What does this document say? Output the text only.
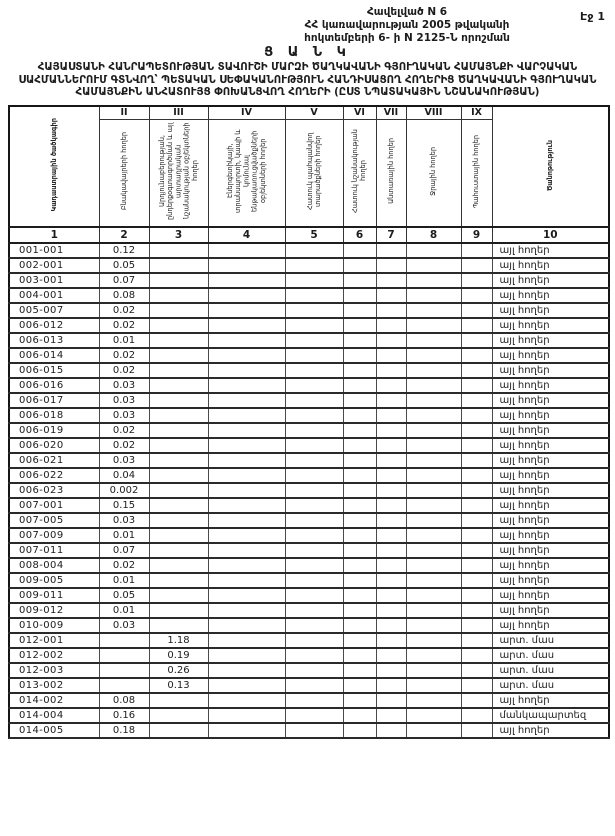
Էջ 1
Հավելված N 6
ՀՀ կառավարության 2005 թվականի
հոկտեմբերի 6- ի N 2125-Ն որոշման
Ց Ա Ն Կ
ՀԱՅԱՍՏԱՆԻ ՀԱՆՐԱՊԵՏՈՒԹՅԱՆ ՏԱՎՈՒՇԻ ՄԱՐԶԻ ԾԱՂԿԱՎԱՆԻ ԳՅՈՒՂԱԿԱՆ ՀԱՄԱՅՆՔԻ ՎԱՐՉԱԿԱՆ ՍԱՀՄԱՆՆԵՐՈՒՄ ԳՏՆՎՈՂ՝ ՊԵՏԱԿԱՆ ՍԵՓԱԿԱՆՈՒԹՅՈՒՆ ՀԱՆԴԻՍԱՑՈՂ ՀՈՂԵՐԻՑ ԾԱՂԿԱՎԱՆԻ ԳՅՈՒՂԱԿԱՆ ՀԱՄԱՅՆՔԻՆ ԱՆՀԱՏՈՒՅՑ ՓՈԽԱՆՑՎՈՂ ՀՈՂԵՐԻ (ԸՍՏ ՆՊԱՏԱԿԱՅԻՆ ՆՇԱՆԱԿՈՒԹՅԱՆ)
Կադաստրային ծածկագիր	II	III	IV	V	VI	VII	VIII	IX	Ծանոթություն
	Բնակավայրերի հողեր	Արդյունաբերության, ընդերքօգտագործման և այլ արտադրական նշանակության օբյեկտների հողեր	Էներգետիկայի, տրանսպորտի, կապի և կոմունալ ենթակառուցվածքների օբյեկտների հողեր	Հատուկ պահպանվող տարածքների հողեր	Հատուկ նշանակության հողեր	Անտառային հողեր	Ջրային հողեր	Պահուստային հողեր	
1	2	3	4	5	6	7	8	9	10
001-001	0.12								այլ հողեր
002-001	0.05								այլ հողեր
003-001	0.07								այլ հողեր
004-001	0.08								այլ հողեր
005-007	0.02								այլ հողեր
006-012	0.02								այլ հողեր
006-013	0.01								այլ հողեր
006-014	0.02								այլ հողեր
006-015	0.02								այլ հողեր
006-016	0.03								այլ հողեր
006-017	0.03								այլ հողեր
006-018	0.03								այլ հողեր
006-019	0.02								այլ հողեր
006-020	0.02								այլ հողեր
006-021	0.03								այլ հողեր
006-022	0.04								այլ հողեր
006-023	0.002								այլ հողեր
007-001	0.15								այլ հողեր
007-005	0.03								այլ հողեր
007-009	0.01								այլ հողեր
007-011	0.07								այլ հողեր
008-004	0.02								այլ հողեր
009-005	0.01								այլ հողեր
009-011	0.05								այլ հողեր
009-012	0.01								այլ հողեր
010-009	0.03								այլ հողեր
012-001		1.18							արտ. մաս
012-002		0.19							արտ. մաս
012-003		0.26							արտ. մաս
013-002		0.13							արտ. մաս
014-002	0.08								այլ հողեր
014-004	0.16								մանկապարտեզ
014-005	0.18								այլ հողեր
